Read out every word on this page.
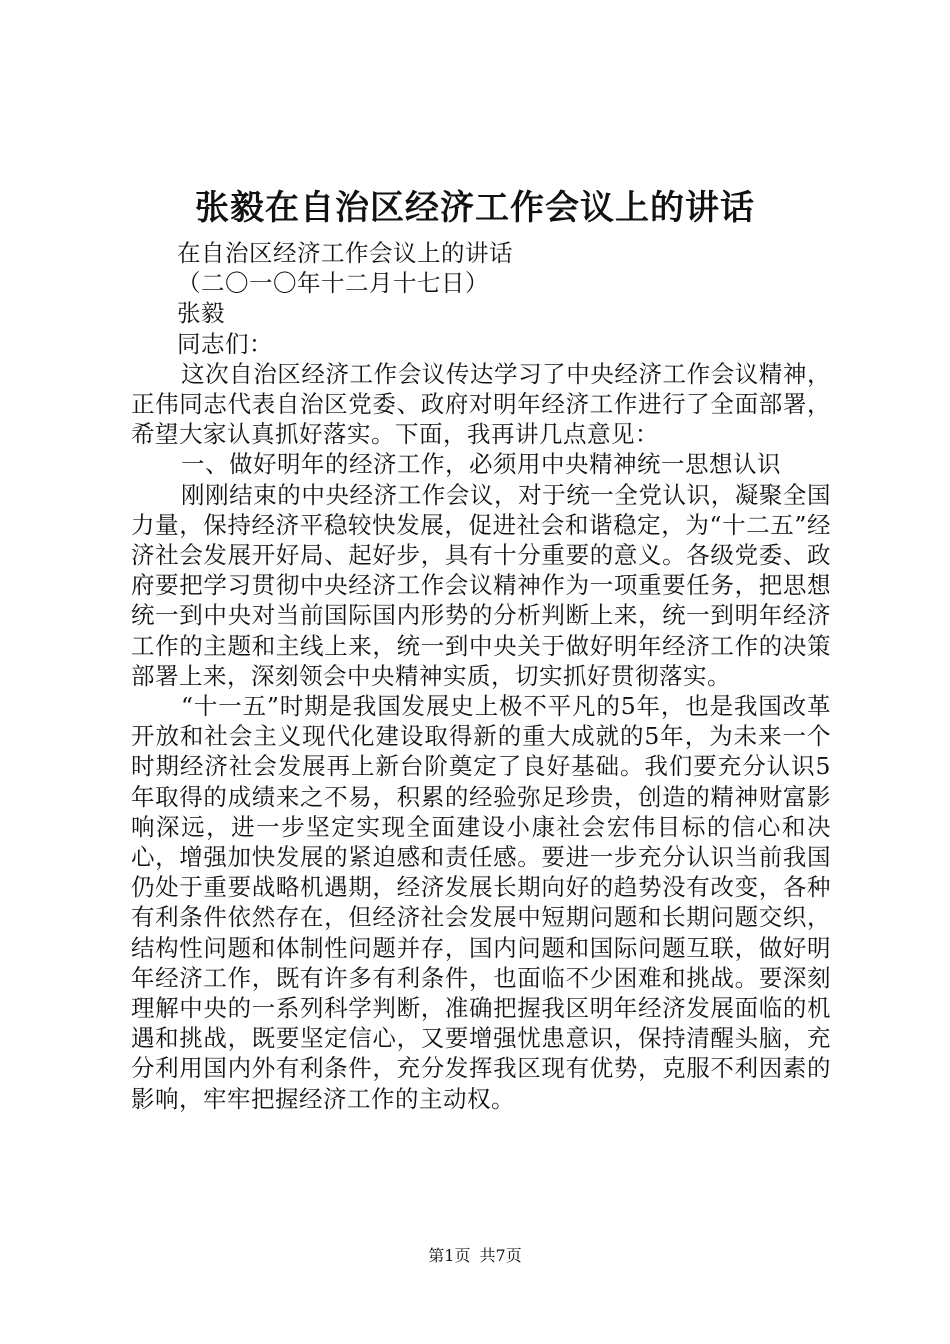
张毅在自治区经济工作会议上的讲话

在自治区经济工作会议上的讲话

（二〇一〇年十二月十七日）

张毅

同志们：

这次自治区经济工作会议传达学习了中央经济工作会议精神，正伟同志代表自治区党委、政府对明年经济工作进行了全面部署，希望大家认真抓好落实。下面，我再讲几点意见：

一、做好明年的经济工作，必须用中央精神统一思想认识

刚刚结束的中央经济工作会议，对于统一全党认识，凝聚全国力量，保持经济平稳较快发展，促进社会和谐稳定，为“十二五”经济社会发展开好局、起好步，具有十分重要的意义。各级党委、政府要把学习贯彻中央经济工作会议精神作为一项重要任务，把思想统一到中央对当前国际国内形势的分析判断上来，统一到明年经济工作的主题和主线上来，统一到中央关于做好明年经济工作的决策部署上来，深刻领会中央精神实质，切实抓好贯彻落实。

“十一五”时期是我国发展史上极不平凡的5年，也是我国改革开放和社会主义现代化建设取得新的重大成就的5年，为未来一个时期经济社会发展再上新台阶奠定了良好基础。我们要充分认识5年取得的成绩来之不易，积累的经验弥足珍贵，创造的精神财富影响深远，进一步坚定实现全面建设小康社会宏伟目标的信心和决心，增强加快发展的紧迫感和责任感。要进一步充分认识当前我国仍处于重要战略机遇期，经济发展长期向好的趋势没有改变，各种有利条件依然存在，但经济社会发展中短期问题和长期问题交织，结构性问题和体制性问题并存，国内问题和国际问题互联，做好明年经济工作，既有许多有利条件，也面临不少困难和挑战。要深刻理解中央的一系列科学判断，准确把握我区明年经济发展面临的机遇和挑战，既要坚定信心，又要增强忧患意识，保持清醒头脑，充分利用国内外有利条件，充分发挥我区现有优势，克服不利因素的影响，牢牢把握经济工作的主动权。

第1页 共7页
